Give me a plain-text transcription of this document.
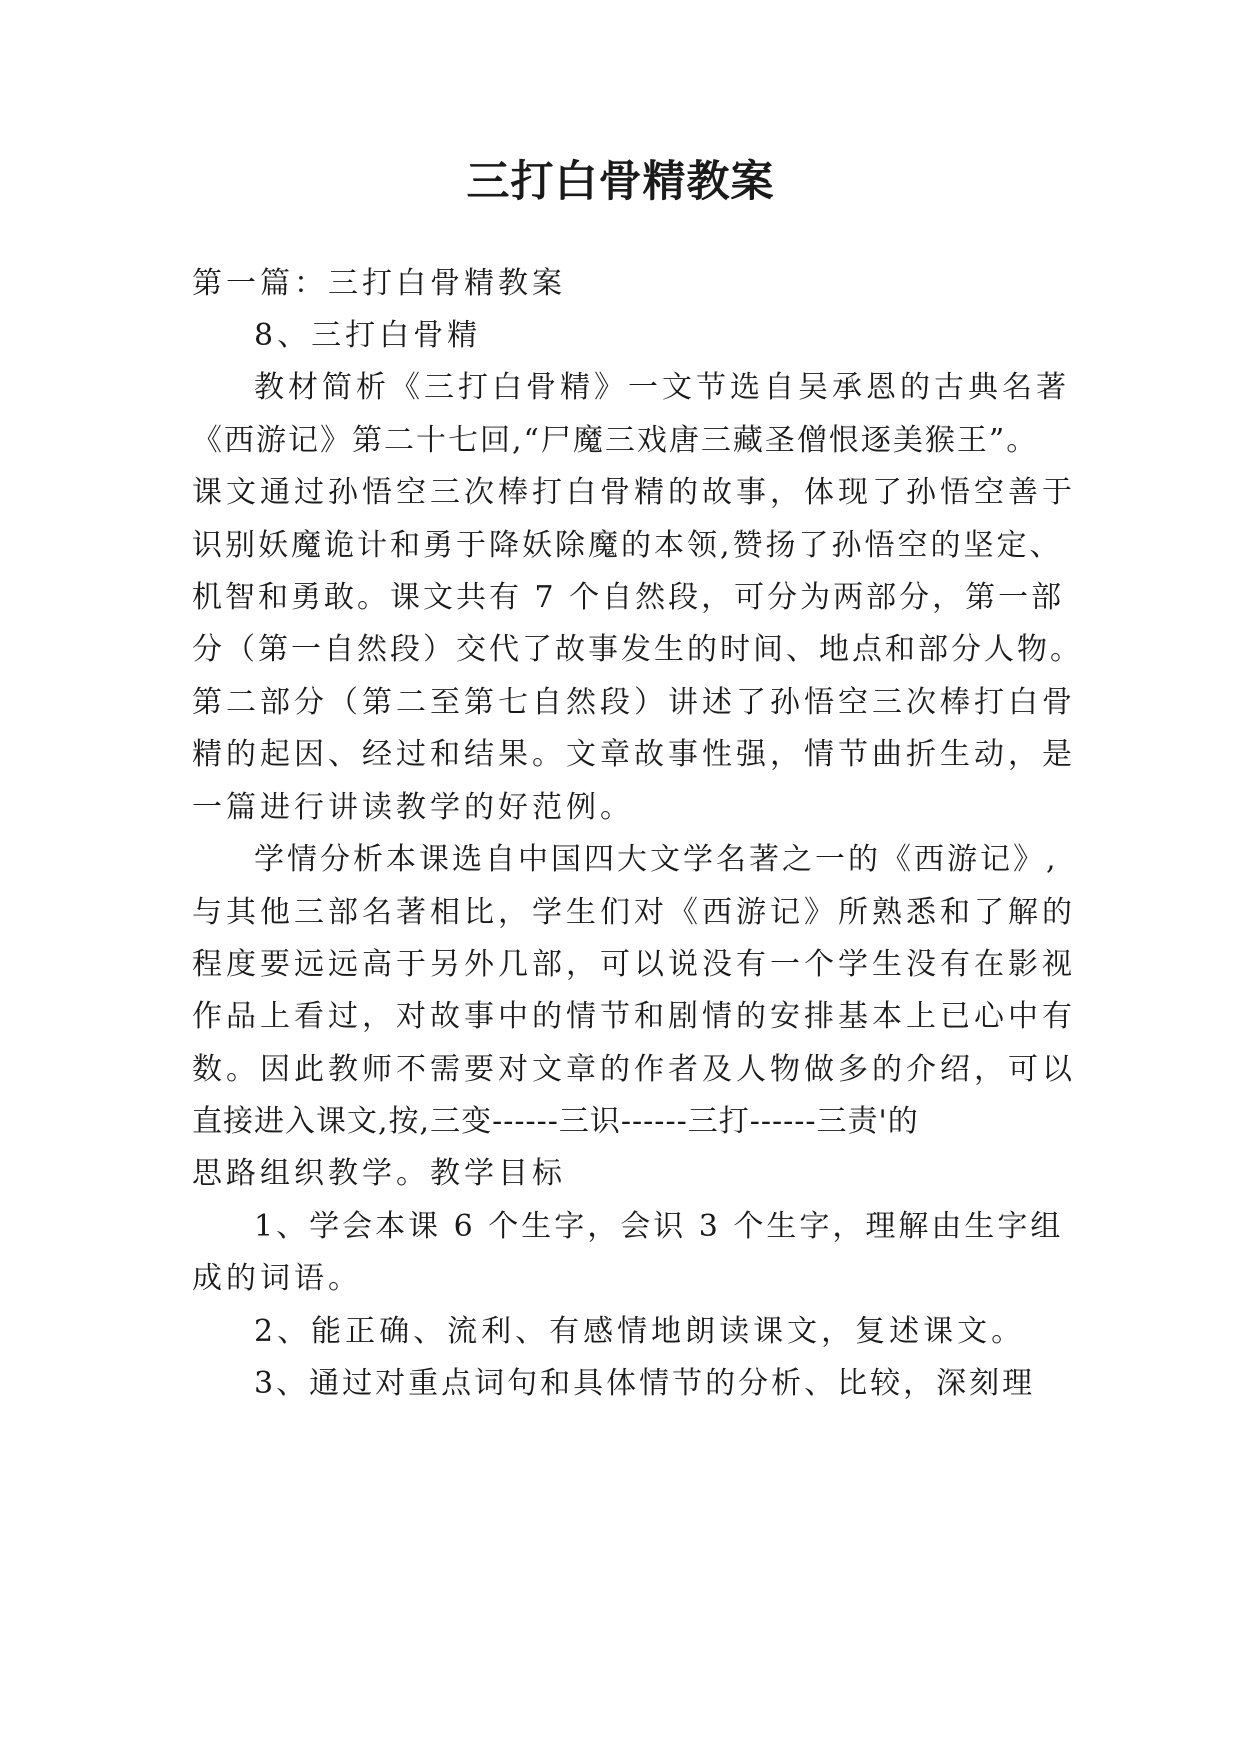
三打白骨精教案
第一篇：三打白骨精教案
8、三打白骨精
教材简析《三打白骨精》一文节选自吴承恩的古典名著
《西游记》第二十七回,“尸魔三戏唐三藏圣僧恨逐美猴王”。
课文通过孙悟空三次棒打白骨精的故事，体现了孙悟空善于
识别妖魔诡计和勇于降妖除魔的本领,赞扬了孙悟空的坚定、
机智和勇敢。课文共有 7 个自然段，可分为两部分，第一部
分（第一自然段）交代了故事发生的时间、地点和部分人物。
第二部分（第二至第七自然段）讲述了孙悟空三次棒打白骨
精的起因、经过和结果。文章故事性强，情节曲折生动，是
一篇进行讲读教学的好范例。
学情分析本课选自中国四大文学名著之一的《西游记》,
与其他三部名著相比，学生们对《西游记》所熟悉和了解的
程度要远远高于另外几部，可以说没有一个学生没有在影视
作品上看过，对故事中的情节和剧情的安排基本上已心中有
数。因此教师不需要对文章的作者及人物做多的介绍，可以
直接进入课文,按,三变------三识------三打------三责'的
思路组织教学。教学目标
1、学会本课 6 个生字，会识 3 个生字，理解由生字组
成的词语。
2、能正确、流利、有感情地朗读课文，复述课文。
3、通过对重点词句和具体情节的分析、比较，深刻理
